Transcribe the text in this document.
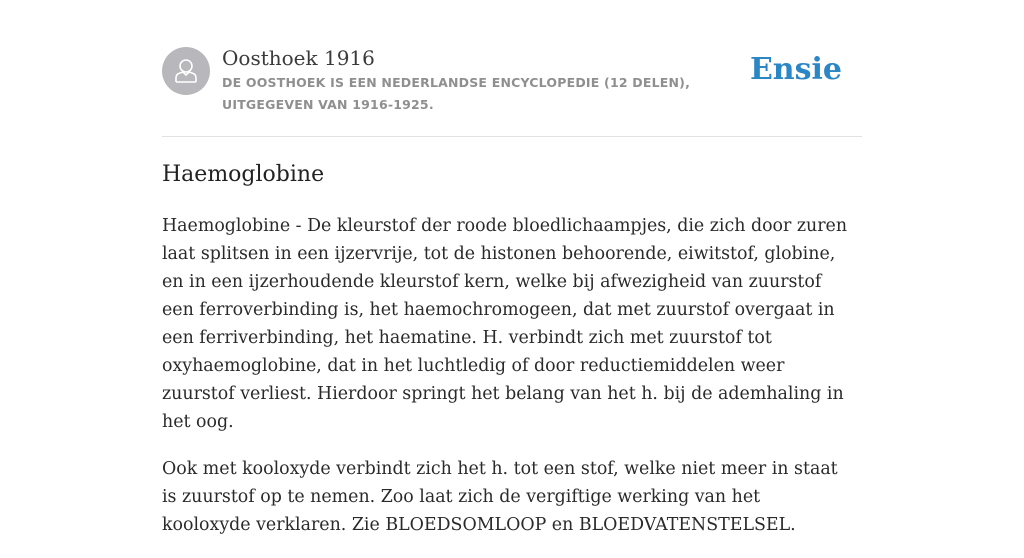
Oosthoek 1916
DE OOSTHOEK IS EEN NEDERLANDSE ENCYCLOPEDIE (12 DELEN), UITGEGEVEN VAN 1916-1925.
Ensie
Haemoglobine

Haemoglobine - De kleurstof der roode bloedlichaampjes, die zich door zuren laat splitsen in een ijzervrije, tot de histonen behoorende, eiwitstof, globine, en in een ijzerhoudende kleurstof kern, welke bij afwezigheid van zuurstof een ferroverbinding is, het haemochromogeen, dat met zuurstof overgaat in een ferriverbinding, het haematine. H. verbindt zich met zuurstof tot oxyhaemoglobine, dat in het luchtledig of door reductiemiddelen weer zuurstof verliest. Hierdoor springt het belang van het h. bij de ademhaling in het oog.

Ook met kooloxyde verbindt zich het h. tot een stof, welke niet meer in staat is zuurstof op te nemen. Zoo laat zich de vergiftige werking van het kooloxyde verklaren. Zie BLOEDSOMLOOP en BLOEDVATENSTELSEL.
